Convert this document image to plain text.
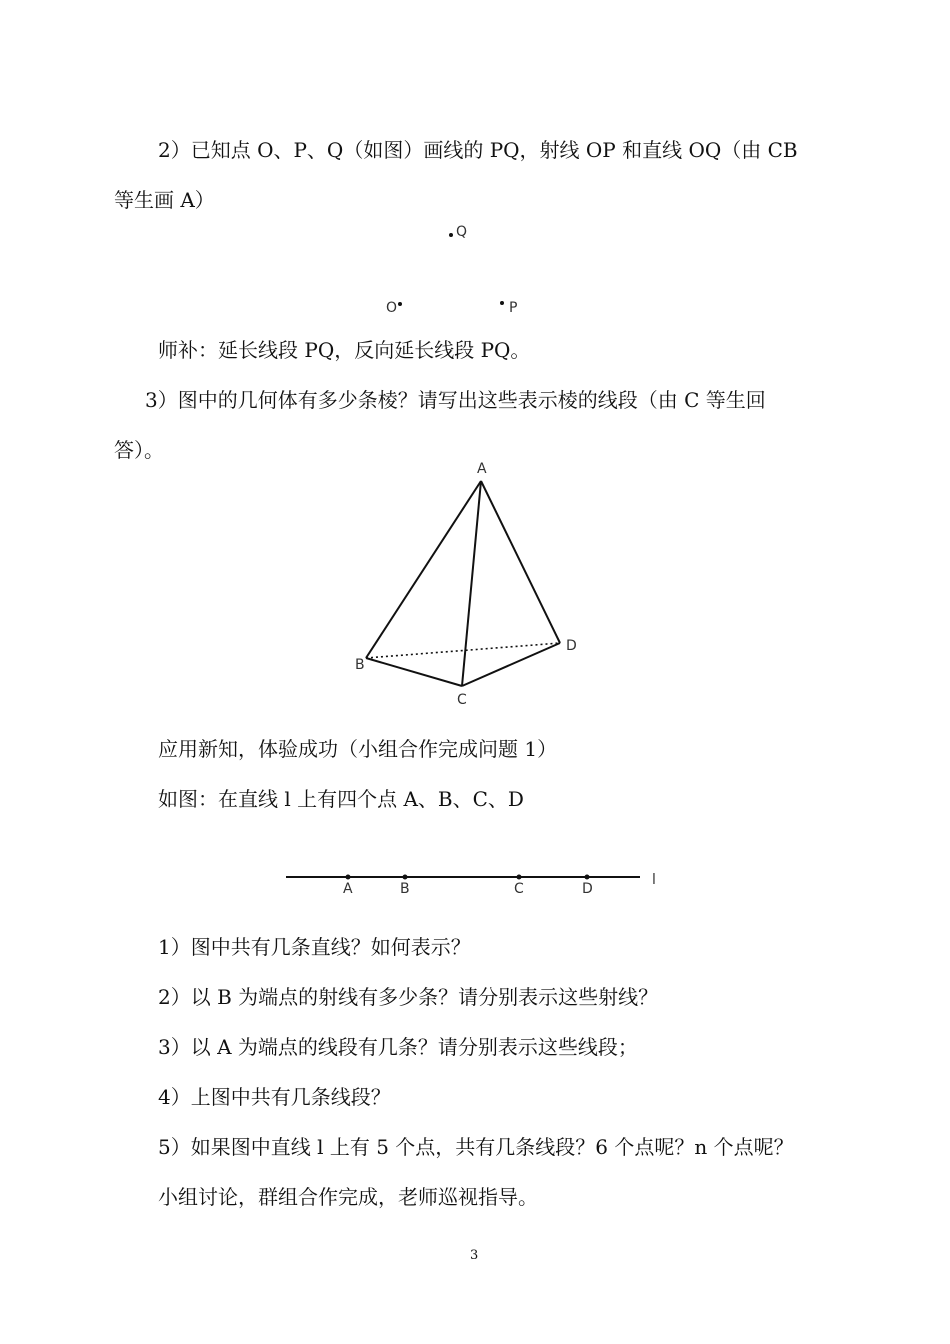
2）已知点 O、P、Q（如图）画线的 PQ，射线 OP 和直线 OQ（由 CB
等生画 A）
Q
O	P
师补：延长线段 PQ，反向延长线段 PQ。
3）图中的几何体有多少条棱？请写出这些表示棱的线段（由 C 等生回
答）。
A
B
C
D
应用新知，体验成功（小组合作完成问题 1）
如图：在直线 l 上有四个点 A、B、C、D
A	B	C	D
l
1）图中共有几条直线？如何表示？
2）以 B 为端点的射线有多少条？请分别表示这些射线？
3）以 A 为端点的线段有几条？请分别表示这些线段；
4）上图中共有几条线段？
5）如果图中直线 l 上有 5 个点，共有几条线段？6 个点呢？n 个点呢？
小组讨论，群组合作完成，老师巡视指导。
3
